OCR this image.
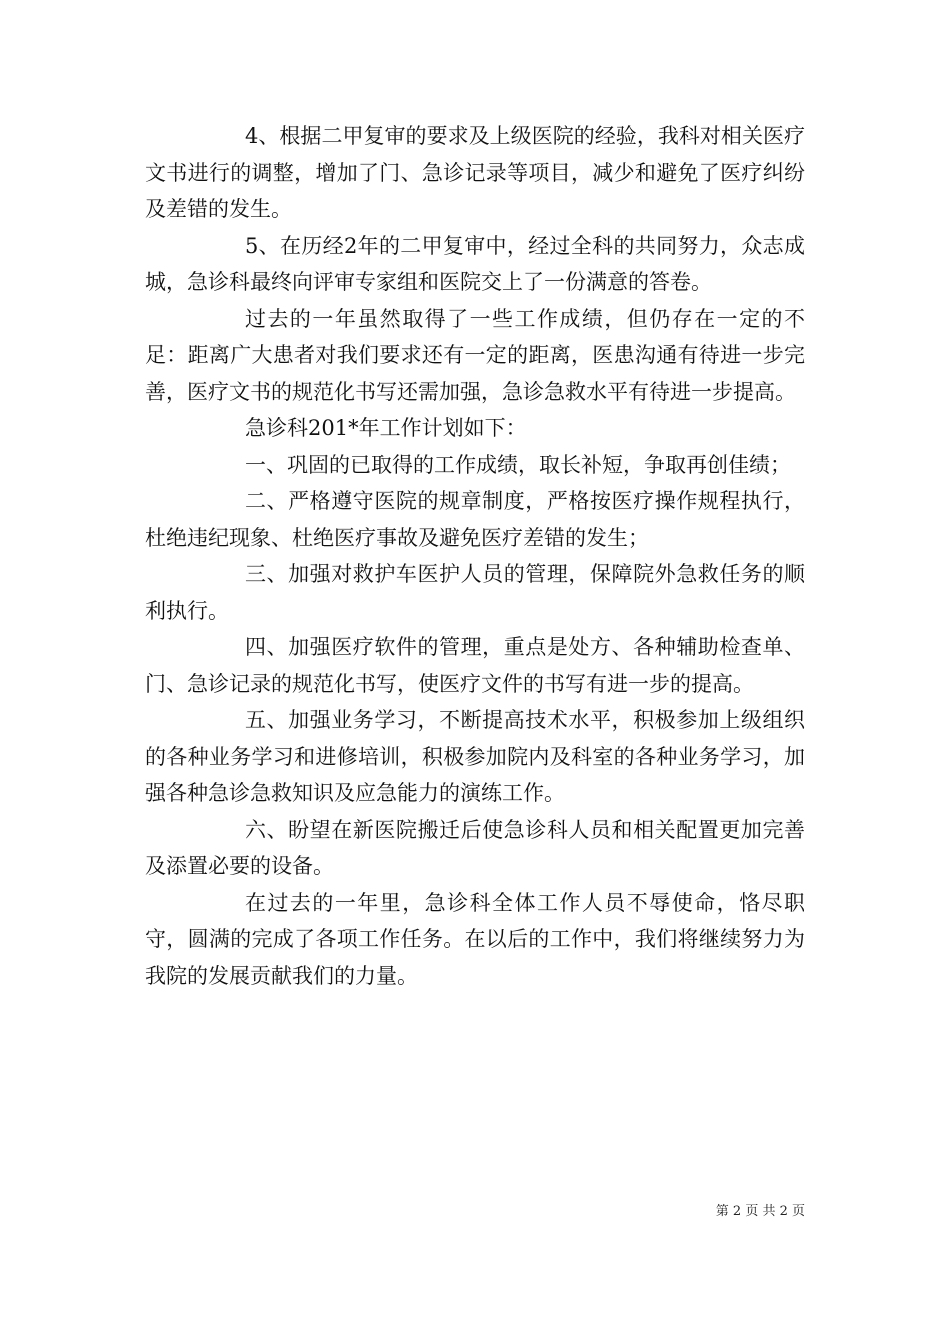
4、根据二甲复审的要求及上级医院的经验，我科对相关医疗文书进行的调整，增加了门、急诊记录等项目，减少和避免了医疗纠纷及差错的发生。

5、在历经2年的二甲复审中，经过全科的共同努力，众志成城，急诊科最终向评审专家组和医院交上了一份满意的答卷。

过去的一年虽然取得了一些工作成绩，但仍存在一定的不足：距离广大患者对我们要求还有一定的距离，医患沟通有待进一步完善，医疗文书的规范化书写还需加强，急诊急救水平有待进一步提高。

急诊科201*年工作计划如下：

一、巩固的已取得的工作成绩，取长补短，争取再创佳绩；

二、严格遵守医院的规章制度，严格按医疗操作规程执行，杜绝违纪现象、杜绝医疗事故及避免医疗差错的发生；

三、加强对救护车医护人员的管理，保障院外急救任务的顺利执行。

四、加强医疗软件的管理，重点是处方、各种辅助检查单、门、急诊记录的规范化书写，使医疗文件的书写有进一步的提高。

五、加强业务学习，不断提高技术水平，积极参加上级组织的各种业务学习和进修培训，积极参加院内及科室的各种业务学习，加强各种急诊急救知识及应急能力的演练工作。

六、盼望在新医院搬迁后使急诊科人员和相关配置更加完善及添置必要的设备。

在过去的一年里，急诊科全体工作人员不辱使命，恪尽职守，圆满的完成了各项工作任务。在以后的工作中，我们将继续努力为我院的发展贡献我们的力量。

第 2 页 共 2 页
